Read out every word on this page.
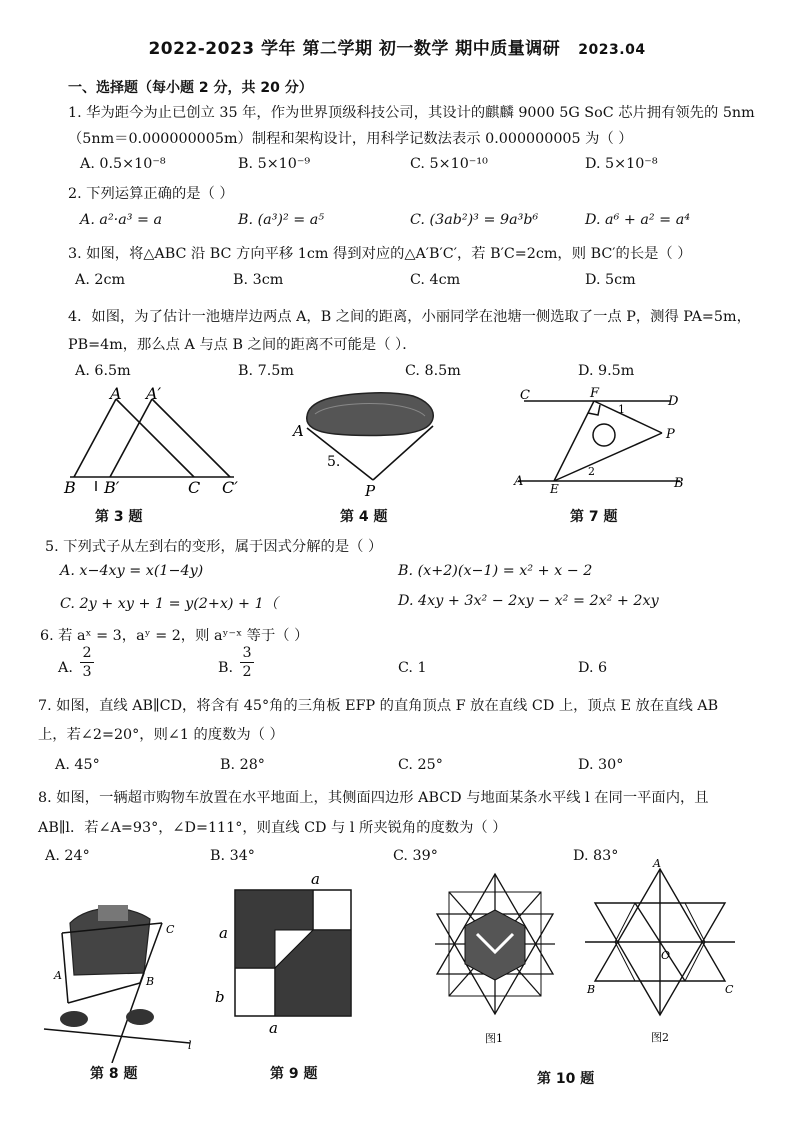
2022-2023 学年 第二学期 初一数学 期中质量调研 2023.04
一、选择题（每小题 2 分，共 20 分）
1. 华为距今为止已创立 35 年，作为世界顶级科技公司，其设计的麒麟 9000 5G SoC 芯片拥有领先的 5nm
（5nm＝0.000000005m）制程和架构设计，用科学记数法表示 0.000000005 为（ ）
A. 0.5×10⁻⁸	B. 5×10⁻⁹	C. 5×10⁻¹⁰	D. 5×10⁻⁸
2. 下列运算正确的是（ ）
A. a²·a³ = a	B. (a³)² = a⁵	C. (3ab²)³ = 9a³b⁶	D. a⁶ + a² = a⁴
3. 如图，将△ABC 沿 BC 方向平移 1cm 得到对应的△A′B′C′，若 B′C=2cm，则 BC′的长是（ ）
A. 2cm	B. 3cm	C. 4cm	D. 5cm
4．如图，为了估计一池塘岸边两点 A，B 之间的距离，小丽同学在池塘一侧选取了一点 P，测得 PA=5m，
PB=4m，那么点 A 与点 B 之间的距离不可能是（ ）．
A. 6.5m	B. 7.5m	C. 8.5m	D. 9.5m
A A′
B B′	C C′
第 3 题
A
P
5.
第 4 题
C	F
D
1
P
A E
2
B
第 7 题
5. 下列式子从左到右的变形，属于因式分解的是（ ）
A. x−4xy = x(1−4y)	B. (x+2)(x−1) = x² + x − 2
C. 2y + xy + 1 = y(2+x) + 1（	D. 4xy + 3x² − 2xy − x² = 2x² + 2xy
6. 若 aˣ = 3，aʸ = 2，则 aʸ⁻ˣ 等于（ ）
A.
2
3	B.
3
2	C. 1	D. 6
7. 如图，直线 AB∥CD，将含有 45°角的三角板 EFP 的直角顶点 F 放在直线 CD 上，顶点 E 放在直线 AB
上，若∠2=20°，则∠1 的度数为（ ）
A. 45°	B. 28°	C. 25°	D. 30°
8. 如图，一辆超市购物车放置在水平地面上，其侧面四边形 ABCD 与地面某条水平线 l 在同一平面内，且
AB∥l．若∠A=93°，∠D=111°，则直线 CD 与 l 所夹锐角的度数为（ ）
A. 24°	B. 34°	C. 39°	D. 83°
A	B
C
l
第 8 题
a
a
b
a
第 9 题
图1
A
B	C
O
图2
第 10 题
